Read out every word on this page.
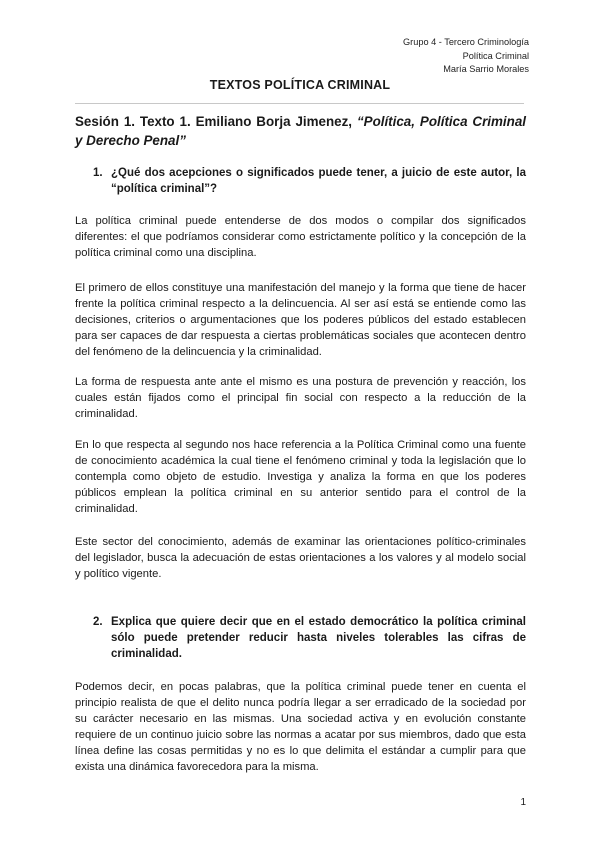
Grupo 4 - Tercero Criminología
Política Criminal
María Sarrio Morales
TEXTOS POLÍTICA CRIMINAL
Sesión 1. Texto 1. Emiliano Borja Jimenez, “Política, Política Criminal y Derecho Penal”
1. ¿Qué dos acepciones o significados puede tener, a juicio de este autor, la “política criminal”?

La política criminal puede entenderse de dos modos o compilar dos significados diferentes: el que podríamos considerar como estrictamente político y la concepción de la política criminal como una disciplina.

El primero de ellos constituye una manifestación del manejo y la forma que tiene de hacer frente la política criminal respecto a la delincuencia. Al ser así está se entiende como las decisiones, criterios o argumentaciones que los poderes públicos del estado establecen para ser capaces de dar respuesta a ciertas problemáticas sociales que acontecen dentro del fenómeno de la delincuencia y la criminalidad.

La forma de respuesta ante ante el mismo es una postura de prevención y reacción, los cuales están fijados como el principal fin social con respecto a la reducción de la criminalidad.

En lo que respecta al segundo nos hace referencia a la Política Criminal como una fuente de conocimiento académica la cual tiene el fenómeno criminal y toda la legislación que lo contempla como objeto de estudio. Investiga y analiza la forma en que los poderes públicos emplean la política criminal en su anterior sentido para el control de la criminalidad.

Este sector del conocimiento, además de examinar las orientaciones político-criminales del legislador, busca la adecuación de estas orientaciones a los valores y al modelo social y político vigente.

2. Explica que quiere decir que en el estado democrático la política criminal sólo puede pretender reducir hasta niveles tolerables las cifras de criminalidad.

Podemos decir, en pocas palabras, que la política criminal puede tener en cuenta el principio realista de que el delito nunca podría llegar a ser erradicado de la sociedad por su carácter necesario en las mismas. Una sociedad activa y en evolución constante requiere de un continuo juicio sobre las normas a acatar por sus miembros, dado que esta línea define las cosas permitidas y no es lo que delimita el estándar a cumplir para que exista una dinámica favorecedora para la misma.

1
